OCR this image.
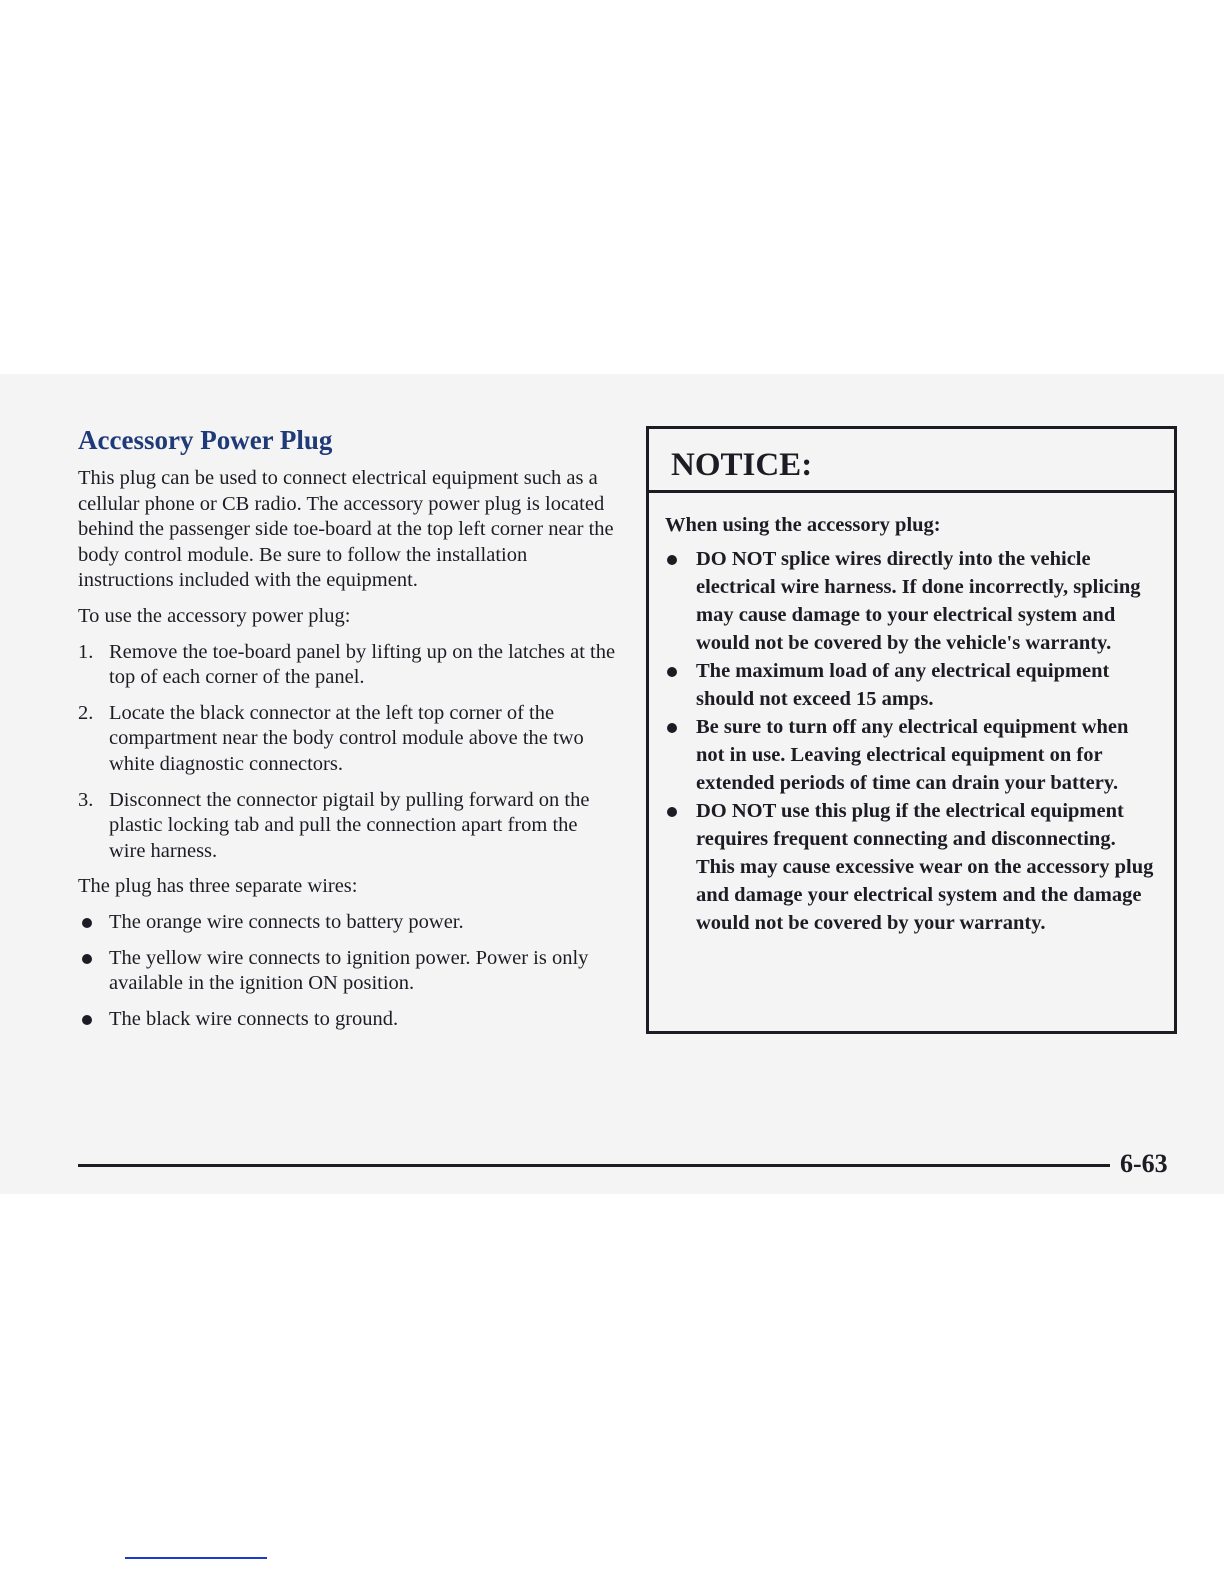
Accessory Power Plug

This plug can be used to connect electrical equipment such as a cellular phone or CB radio. The accessory power plug is located behind the passenger side toe-board at the top left corner near the body control module. Be sure to follow the installation instructions included with the equipment.

To use the accessory power plug:

1. Remove the toe-board panel by lifting up on the latches at the top of each corner of the panel.
2. Locate the black connector at the left top corner of the compartment near the body control module above the two white diagnostic connectors.
3. Disconnect the connector pigtail by pulling forward on the plastic locking tab and pull the connection apart from the wire harness.

The plug has three separate wires:

The orange wire connects to battery power.
The yellow wire connects to ignition power. Power is only available in the ignition ON position.
The black wire connects to ground.
NOTICE:

When using the accessory plug:

DO NOT splice wires directly into the vehicle electrical wire harness. If done incorrectly, splicing may cause damage to your electrical system and would not be covered by the vehicle's warranty.
The maximum load of any electrical equipment should not exceed 15 amps.
Be sure to turn off any electrical equipment when not in use. Leaving electrical equipment on for extended periods of time can drain your battery.
DO NOT use this plug if the electrical equipment requires frequent connecting and disconnecting. This may cause excessive wear on the accessory plug and damage your electrical system and the damage would not be covered by your warranty.
6-63
